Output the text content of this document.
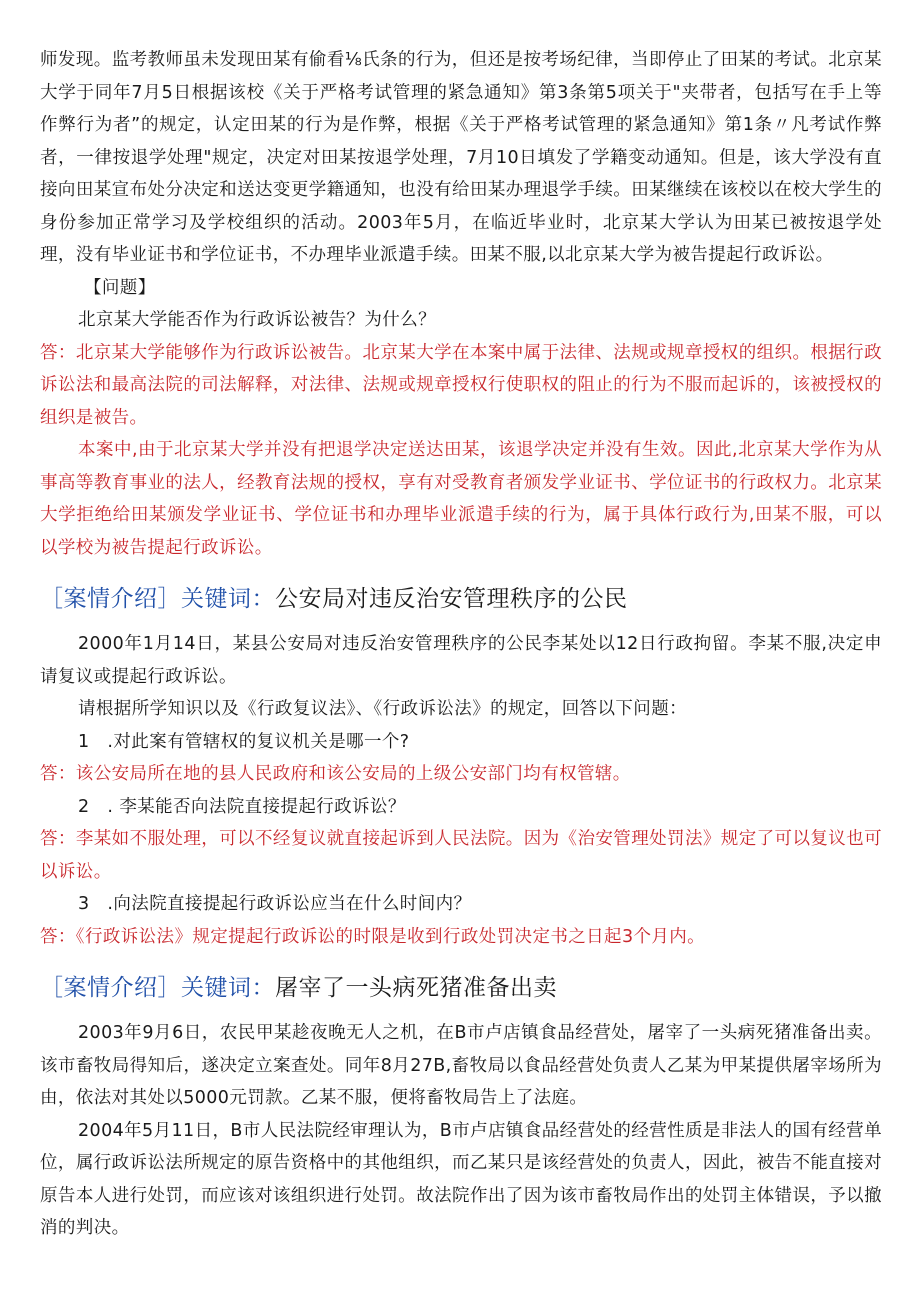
师发现。监考教师虽未发现田某有偷看⅛氏条的行为，但还是按考场纪律，当即停止了田某的考试。北京某大学于同年7月5日根据该校《关于严格考试管理的紧急通知》第3条第5项关于"夹带者，包括写在手上等作弊行为者”的规定，认定田某的行为是作弊，根据《关于严格考试管理的紧急通知》第1条〃凡考试作弊者，一律按退学处理"规定，决定对田某按退学处理，7月10日填发了学籍变动通知。但是，该大学没有直接向田某宣布处分决定和送达变更学籍通知，也没有给田某办理退学手续。田某继续在该校以在校大学生的身份参加正常学习及学校组织的活动。2003年5月，在临近毕业时，北京某大学认为田某已被按退学处理，没有毕业证书和学位证书，不办理毕业派遣手续。田某不服,以北京某大学为被告提起行政诉讼。

【问题】

北京某大学能否作为行政诉讼被告？为什么？

答：北京某大学能够作为行政诉讼被告。北京某大学在本案中属于法律、法规或规章授权的组织。根据行政诉讼法和最高法院的司法解释，对法律、法规或规章授权行使职权的阻止的行为不服而起诉的，该被授权的组织是被告。

本案中,由于北京某大学并没有把退学决定送达田某，该退学决定并没有生效。因此,北京某大学作为从事高等教育事业的法人，经教育法规的授权，享有对受教育者颁发学业证书、学位证书的行政权力。北京某大学拒绝给田某颁发学业证书、学位证书和办理毕业派遣手续的行为，属于具体行政行为,田某不服，可以以学校为被告提起行政诉讼。

［案情介绍］关键词：公安局对违反治安管理秩序的公民

2000年1月14日，某县公安局对违反治安管理秩序的公民李某处以12日行政拘留。李某不服,决定申请复议或提起行政诉讼。

请根据所学知识以及《行政复议法》、《行政诉讼法》的规定，回答以下问题：

1　.对此案有管辖权的复议机关是哪一个?

答：该公安局所在地的县人民政府和该公安局的上级公安部门均有权管辖。

2　. 李某能否向法院直接提起行政诉讼？

答：李某如不服处理，可以不经复议就直接起诉到人民法院。因为《治安管理处罚法》规定了可以复议也可以诉讼。

3　.向法院直接提起行政诉讼应当在什么时间内？

答：《行政诉讼法》规定提起行政诉讼的时限是收到行政处罚决定书之日起3个月内。

［案情介绍］关键词：屠宰了一头病死猪准备出卖

2003年9月6日，农民甲某趁夜晚无人之机，在B市卢店镇食品经营处，屠宰了一头病死猪准备出卖。该市畜牧局得知后，遂决定立案查处。同年8月27B,畜牧局以食品经营处负责人乙某为甲某提供屠宰场所为由，依法对其处以5000元罚款。乙某不服，便将畜牧局告上了法庭。

2004年5月11日，B市人民法院经审理认为，B市卢店镇食品经营处的经营性质是非法人的国有经营单位，属行政诉讼法所规定的原告资格中的其他组织，而乙某只是该经营处的负责人，因此，被告不能直接对原告本人进行处罚，而应该对该组织进行处罚。故法院作出了因为该市畜牧局作出的处罚主体错误，予以撤消的判决。
